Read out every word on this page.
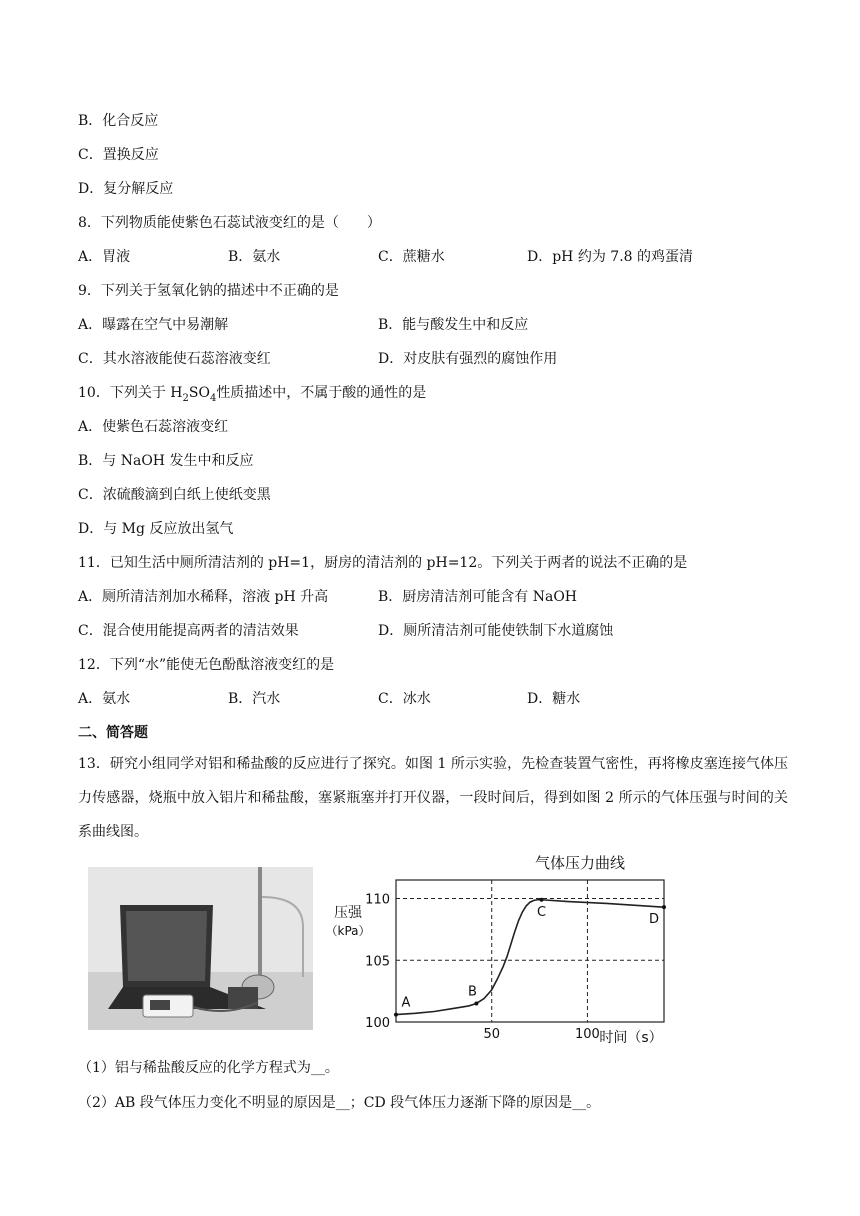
B．化合反应
C．置换反应
D．复分解反应
8．下列物质能使紫色石蕊试液变红的是（　　）
A．胃液	B．氨水	C．蔗糖水	D．pH 约为 7.8 的鸡蛋清
9．下列关于氢氧化钠的描述中不正确的是
A．曝露在空气中易潮解	B．能与酸发生中和反应
C．其水溶液能使石蕊溶液变红	D．对皮肤有强烈的腐蚀作用
10．下列关于 $H_2SO_4$性质描述中，不属于酸的通性的是
A．使紫色石蕊溶液变红
B．与 NaOH 发生中和反应
C．浓硫酸滴到白纸上使纸变黑
D．与 Mg 反应放出氢气
11．已知生活中厕所清洁剂的 pH=1，厨房的清洁剂的 pH=12。下列关于两者的说法不正确的是
A．厕所清洁剂加水稀释，溶液 pH 升高	B．厨房清洁剂可能含有 NaOH
C．混合使用能提高两者的清洁效果	D．厕所清洁剂可能使铁制下水道腐蚀
12．下列“水”能使无色酚酞溶液变红的是
A．氨水	B．汽水	C．冰水	D．糖水
二、简答题
13．研究小组同学对铝和稀盐酸的反应进行了探究。如图 1 所示实验，先检查装置气密性，再将橡皮塞连接气体压力传感器，烧瓶中放入铝片和稀盐酸，塞紧瓶塞并打开仪器，一段时间后，得到如图 2 所示的气体压强与时间的关系曲线图。
气体压力曲线
压强
（kPa）
时间（s）
50	100
100
105
110
A
B
C	D
（1）铝与稀盐酸反应的化学方程式为__。
（2）AB 段气体压力变化不明显的原因是__；CD 段气体压力逐渐下降的原因是__。
